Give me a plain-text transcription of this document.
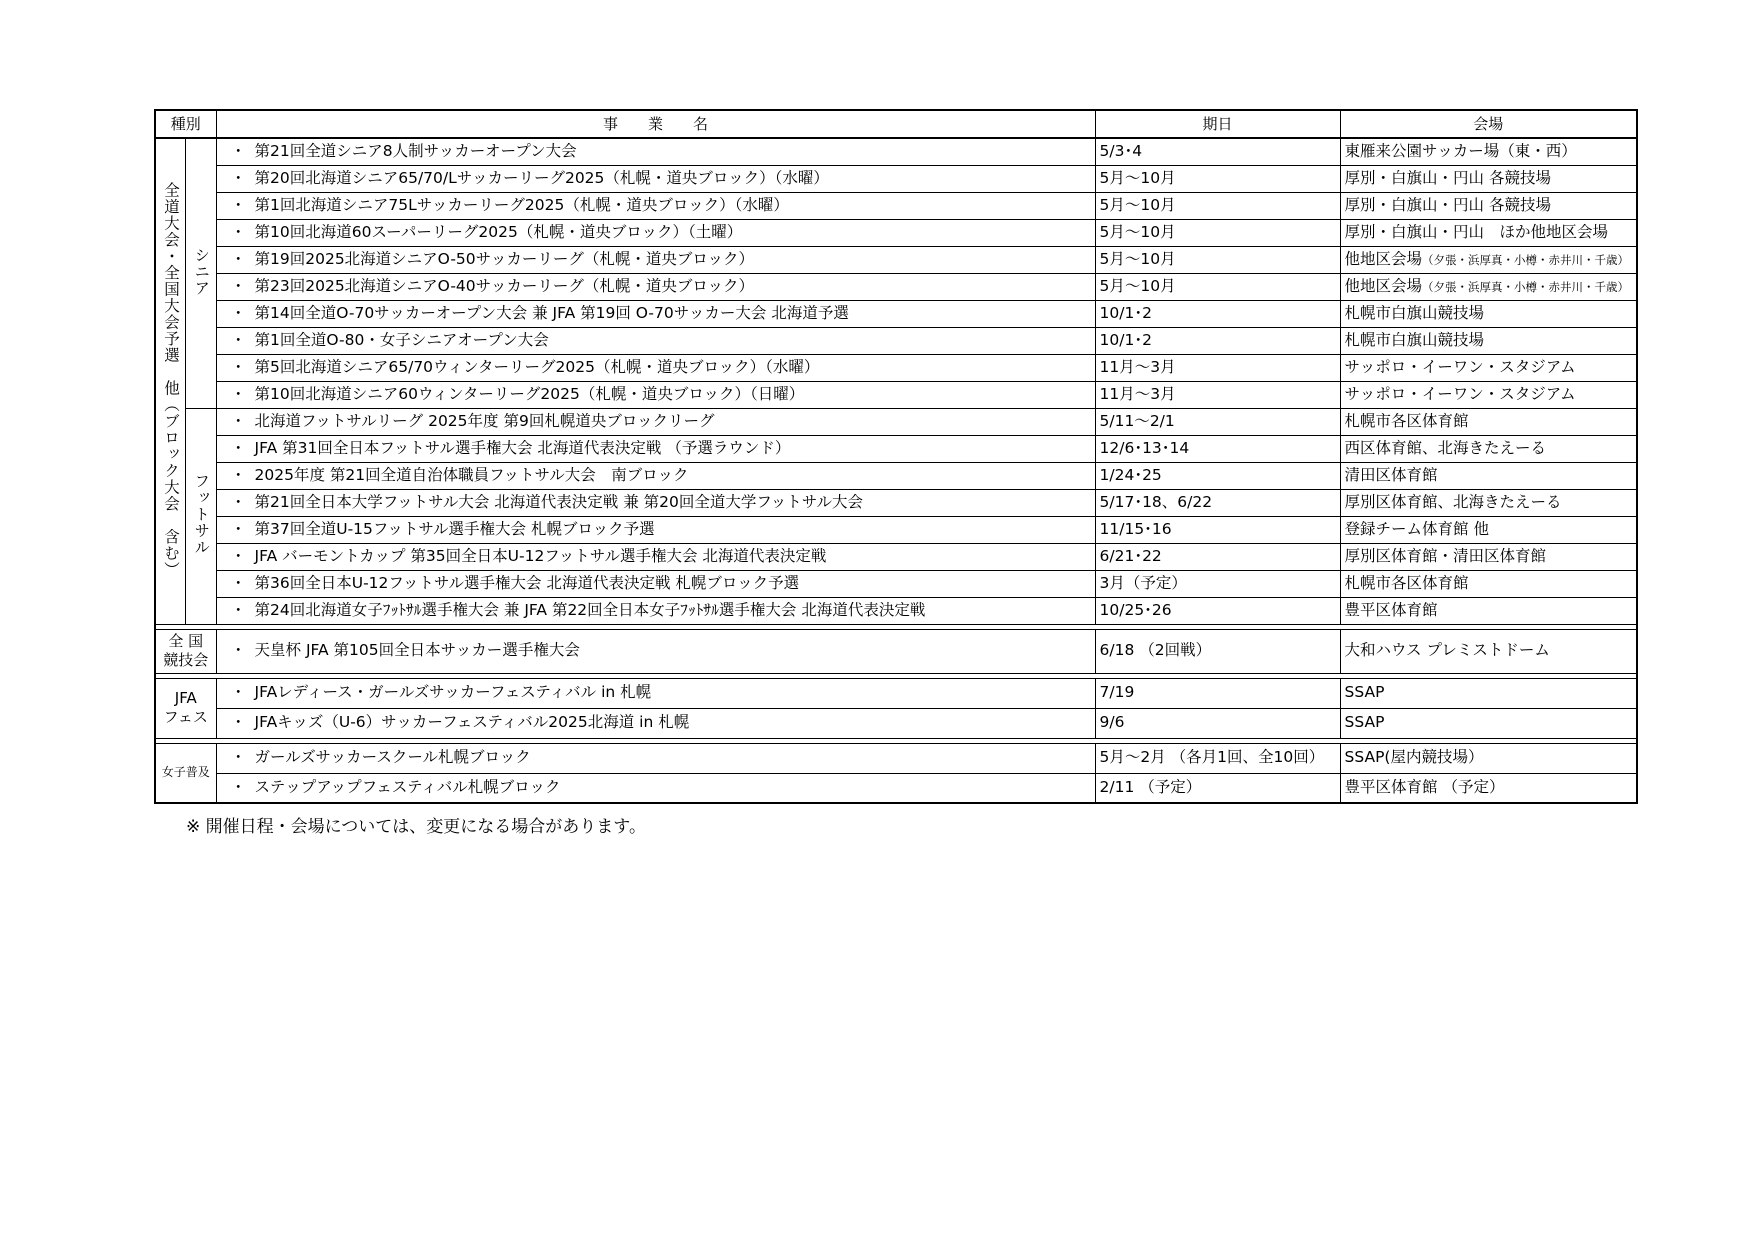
種別		事　　業　　名	期日	会場
全道大会・全国大会予選　他（ブロック大会　含む）	シニア	・ 第21回全道シニア8人制サッカーオープン大会	5/3･4	東雁来公園サッカー場（東・西）
		・ 第20回北海道シニア65/70/Lサッカーリーグ2025（札幌・道央ブロック）（水曜）	5月～10月	厚別・白旗山・円山 各競技場
		・ 第1回北海道シニア75Lサッカーリーグ2025（札幌・道央ブロック）（水曜）	5月～10月	厚別・白旗山・円山 各競技場
		・ 第10回北海道60スーパーリーグ2025（札幌・道央ブロック）（土曜）	5月～10月	厚別・白旗山・円山　ほか他地区会場
		・ 第19回2025北海道シニアO-50サッカーリーグ（札幌・道央ブロック）	5月～10月	他地区会場（夕張・浜厚真・小樽・赤井川・千歳）
		・ 第23回2025北海道シニアO-40サッカーリーグ（札幌・道央ブロック）	5月～10月	他地区会場（夕張・浜厚真・小樽・赤井川・千歳）
		・ 第14回全道O-70サッカーオープン大会 兼 JFA 第19回 O-70サッカー大会 北海道予選	10/1･2	札幌市白旗山競技場
		・ 第1回全道O-80・女子シニアオープン大会	10/1･2	札幌市白旗山競技場
		・ 第5回北海道シニア65/70ウィンターリーグ2025（札幌・道央ブロック）（水曜）	11月～3月	サッポロ・イーワン・スタジアム
		・ 第10回北海道シニア60ウィンターリーグ2025（札幌・道央ブロック）（日曜）	11月～3月	サッポロ・イーワン・スタジアム
	フットサル	・ 北海道フットサルリーグ 2025年度 第9回札幌道央ブロックリーグ	5/11～2/1	札幌市各区体育館
		・ JFA 第31回全日本フットサル選手権大会 北海道代表決定戦 （予選ラウンド）	12/6･13･14	西区体育館、北海きたえーる
		・ 2025年度 第21回全道自治体職員フットサル大会　南ブロック	1/24･25	清田区体育館
		・ 第21回全日本大学フットサル大会 北海道代表決定戦 兼 第20回全道大学フットサル大会	5/17･18、6/22	厚別区体育館、北海きたえーる
		・ 第37回全道U-15フットサル選手権大会 札幌ブロック予選	11/15･16	登録チーム体育館 他
		・ JFA バーモントカップ 第35回全日本U-12フットサル選手権大会 北海道代表決定戦	6/21･22	厚別区体育館・清田区体育館
		・ 第36回全日本U-12フットサル選手権大会 北海道代表決定戦 札幌ブロック予選	3月（予定）	札幌市各区体育館
		・ 第24回北海道女子ﾌｯﾄｻﾙ選手権大会 兼 JFA 第22回全日本女子ﾌｯﾄｻﾙ選手権大会 北海道代表決定戦	10/25･26	豊平区体育館

全 国
競技会		・ 天皇杯 JFA 第105回全日本サッカー選手権大会	6/18 （2回戦）	大和ハウス プレミストドーム

JFA
フェス		・ JFAレディース・ガールズサッカーフェスティバル in 札幌	7/19	SSAP
		・ JFAキッズ（U-6）サッカーフェスティバル2025北海道 in 札幌	9/6	SSAP

女子普及		・ ガールズサッカースクール札幌ブロック	5月～2月 （各月1回、全10回）	SSAP(屋内競技場）
		・ ステップアップフェスティバル札幌ブロック	2/11 （予定）	豊平区体育館 （予定）
※ 開催日程・会場については、変更になる場合があります。
